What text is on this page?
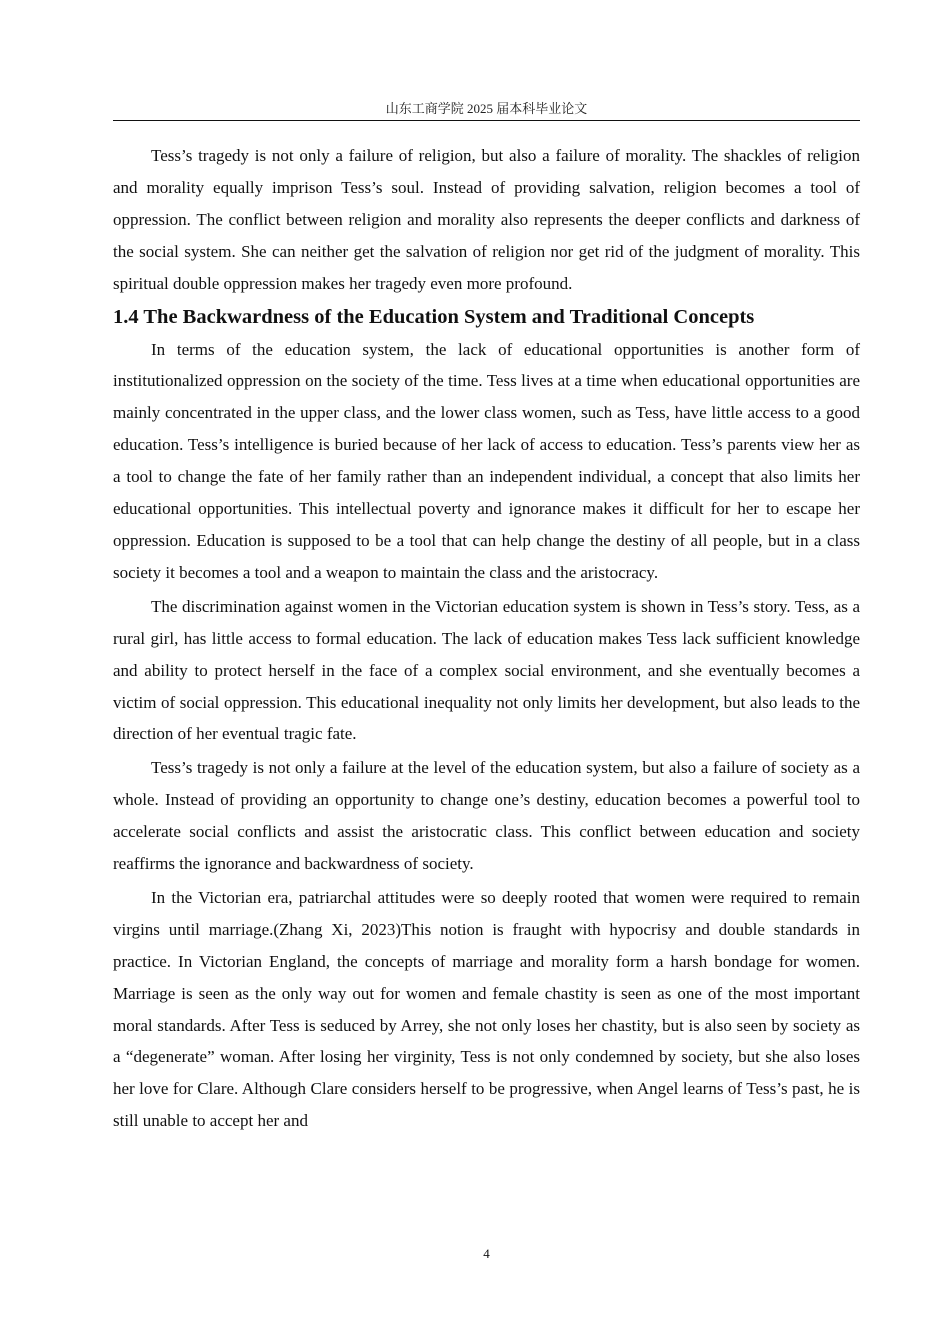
山东工商学院 2025 届本科毕业论文

Tess’s tragedy is not only a failure of religion, but also a failure of morality. The shackles of religion and morality equally imprison Tess’s soul. Instead of providing salvation, religion becomes a tool of oppression. The conflict between religion and morality also represents the deeper conflicts and darkness of the social system. She can neither get the salvation of religion nor get rid of the judgment of morality. This spiritual double oppression makes her tragedy even more profound.

1.4 The Backwardness of the Education System and Traditional Concepts

In terms of the education system, the lack of educational opportunities is another form of institutionalized oppression on the society of the time. Tess lives at a time when educational opportunities are mainly concentrated in the upper class, and the lower class women, such as Tess, have little access to a good education. Tess’s intelligence is buried because of her lack of access to education. Tess’s parents view her as a tool to change the fate of her family rather than an independent individual, a concept that also limits her educational opportunities. This intellectual poverty and ignorance makes it difficult for her to escape her oppression. Education is supposed to be a tool that can help change the destiny of all people, but in a class society it becomes a tool and a weapon to maintain the class and the aristocracy.

The discrimination against women in the Victorian education system is shown in Tess’s story. Tess, as a rural girl, has little access to formal education. The lack of education makes Tess lack sufficient knowledge and ability to protect herself in the face of a complex social environment, and she eventually becomes a victim of social oppression. This educational inequality not only limits her development, but also leads to the direction of her eventual tragic fate.

Tess’s tragedy is not only a failure at the level of the education system, but also a failure of society as a whole. Instead of providing an opportunity to change one’s destiny, education becomes a powerful tool to accelerate social conflicts and assist the aristocratic class. This conflict between education and society reaffirms the ignorance and backwardness of society.

In the Victorian era, patriarchal attitudes were so deeply rooted that women were required to remain virgins until marriage.(Zhang Xi, 2023)This notion is fraught with hypocrisy and double standards in practice. In Victorian England, the concepts of marriage and morality form a harsh bondage for women. Marriage is seen as the only way out for women and female chastity is seen as one of the most important moral standards. After Tess is seduced by Arrey, she not only loses her chastity, but is also seen by society as a “degenerate” woman. After losing her virginity, Tess is not only condemned by society, but she also loses her love for Clare. Although Clare considers herself to be progressive, when Angel learns of Tess’s past, he is still unable to accept her and

4
